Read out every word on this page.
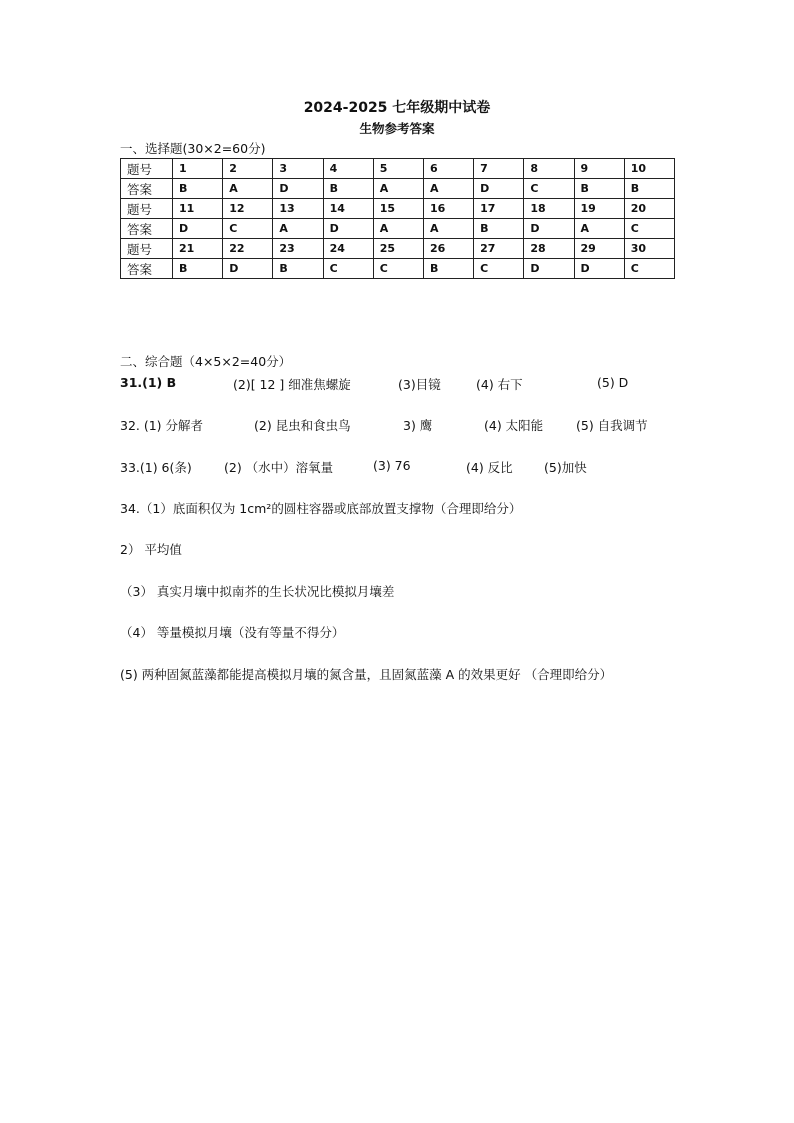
2024-2025 七年级期中试卷
生物参考答案
一、选择题(30×2=60分)
题号	1	2	3	4	5	6	7	8	9	10
答案	B	A	D	B	A	A	D	C	B	B
题号	11	12	13	14	15	16	17	18	19	20
答案	D	C	A	D	A	A	B	D	A	C
题号	21	22	23	24	25	26	27	28	29	30
答案	B	D	B	C	C	B	C	D	D	C
二、综合题（4×5×2=40分）
31.(1) B	(2)[ 12 ] 细准焦螺旋	(3)目镜	(4) 右下	(5) D
32. (1) 分解者	(2) 昆虫和食虫鸟	3) 鹰	(4) 太阳能	(5) 自我调节
33.(1) 6(条)	(2) （水中）溶氧量	(3) 76	(4) 反比	(5)加快
34.（1）底面积仅为 1cm²的圆柱容器或底部放置支撑物（合理即给分）
2） 平均值
（3） 真实月壤中拟南芥的生长状况比模拟月壤差
（4） 等量模拟月壤（没有等量不得分）
(5) 两种固氮蓝藻都能提高模拟月壤的氮含量，且固氮蓝藻 A 的效果更好 （合理即给分）
